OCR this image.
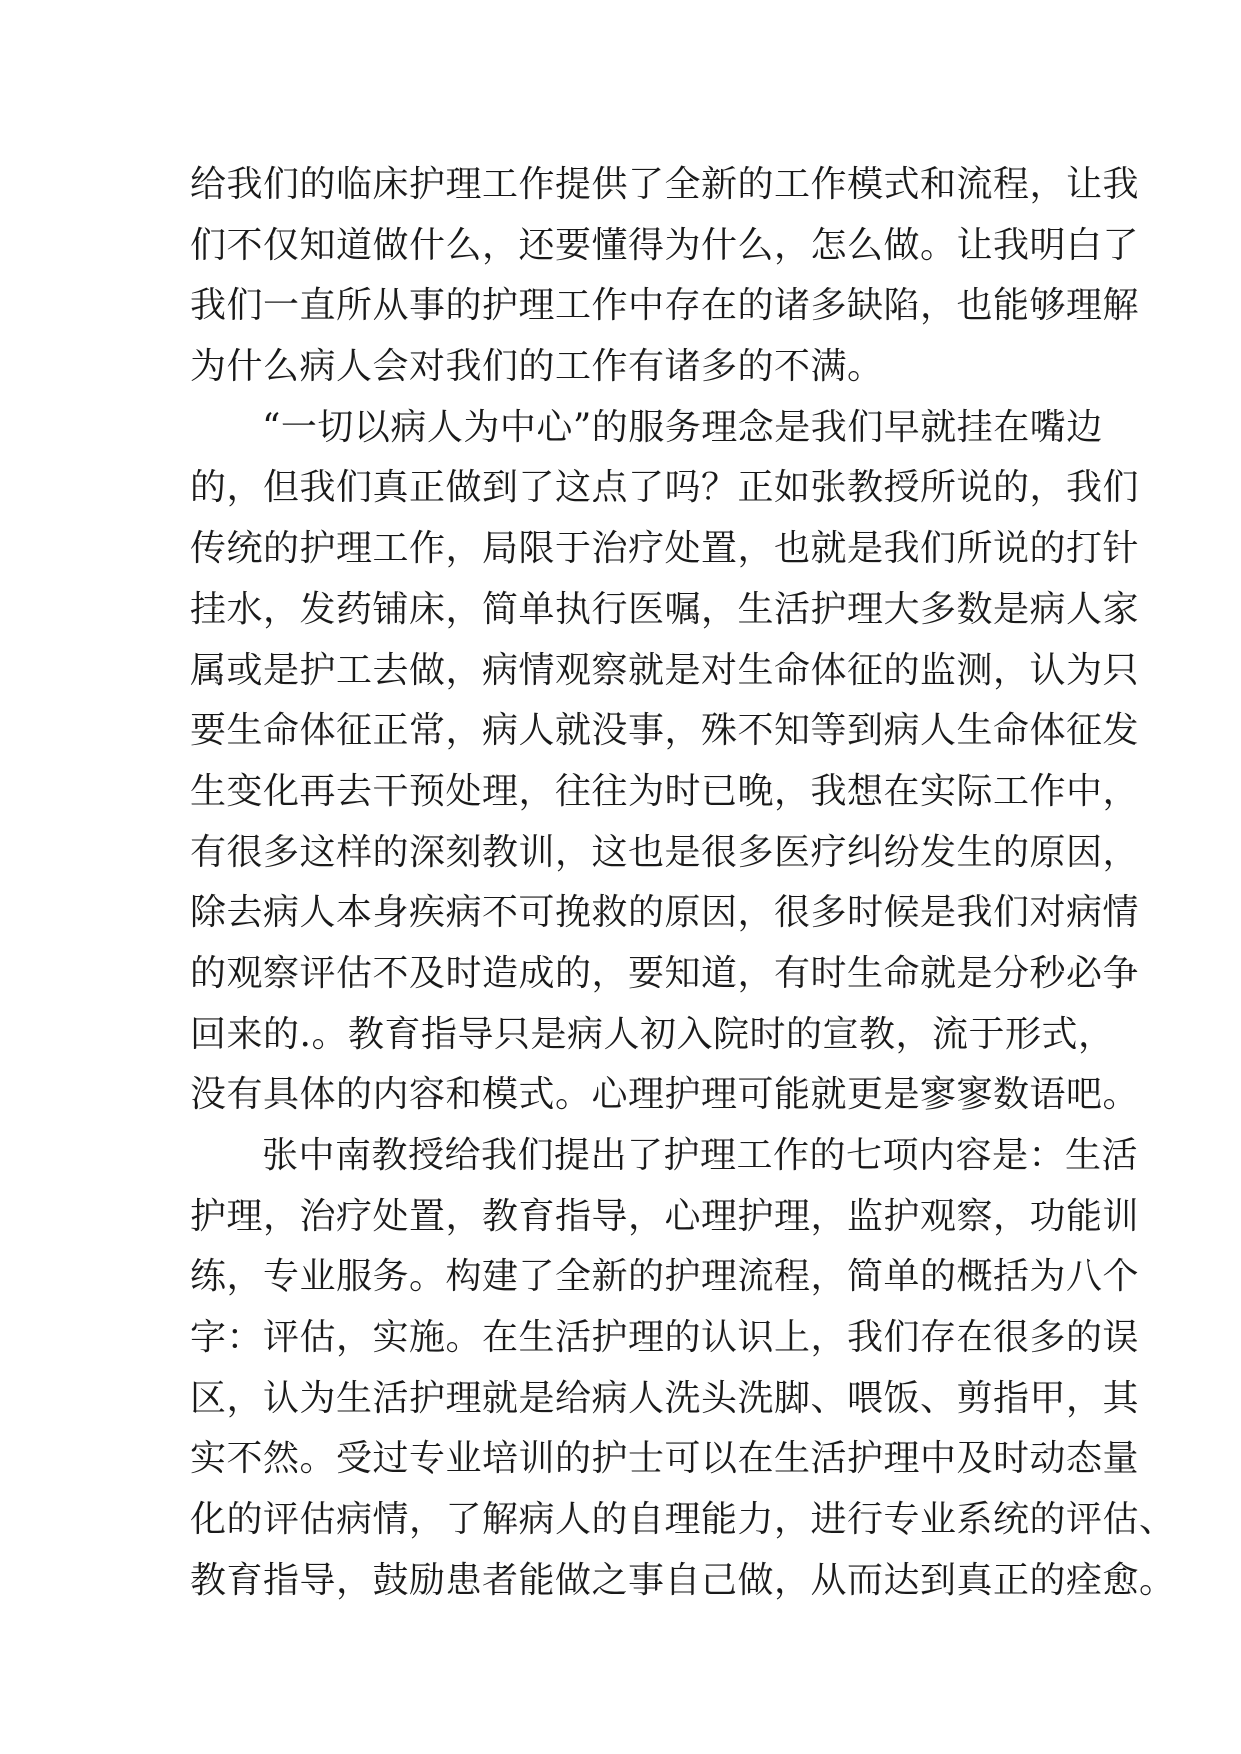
给我们的临床护理工作提供了全新的工作模式和流程，让我
们不仅知道做什么，还要懂得为什么，怎么做。让我明白了
我们一直所从事的护理工作中存在的诸多缺陷，也能够理解
为什么病人会对我们的工作有诸多的不满。
“一切以病人为中心”的服务理念是我们早就挂在嘴边
的，但我们真正做到了这点了吗？正如张教授所说的，我们
传统的护理工作，局限于治疗处置，也就是我们所说的打针
挂水，发药铺床，简单执行医嘱，生活护理大多数是病人家
属或是护工去做，病情观察就是对生命体征的监测，认为只
要生命体征正常，病人就没事，殊不知等到病人生命体征发
生变化再去干预处理，往往为时已晚，我想在实际工作中，
有很多这样的深刻教训，这也是很多医疗纠纷发生的原因，
除去病人本身疾病不可挽救的原因，很多时候是我们对病情
的观察评估不及时造成的，要知道，有时生命就是分秒必争
回来的.。教育指导只是病人初入院时的宣教，流于形式，
没有具体的内容和模式。心理护理可能就更是寥寥数语吧。
张中南教授给我们提出了护理工作的七项内容是：生活
护理，治疗处置，教育指导，心理护理，监护观察，功能训
练，专业服务。构建了全新的护理流程，简单的概括为八个
字：评估，实施。在生活护理的认识上，我们存在很多的误
区，认为生活护理就是给病人洗头洗脚、喂饭、剪指甲，其
实不然。受过专业培训的护士可以在生活护理中及时动态量
化的评估病情，了解病人的自理能力，进行专业系统的评估、
教育指导，鼓励患者能做之事自己做，从而达到真正的痊愈。
